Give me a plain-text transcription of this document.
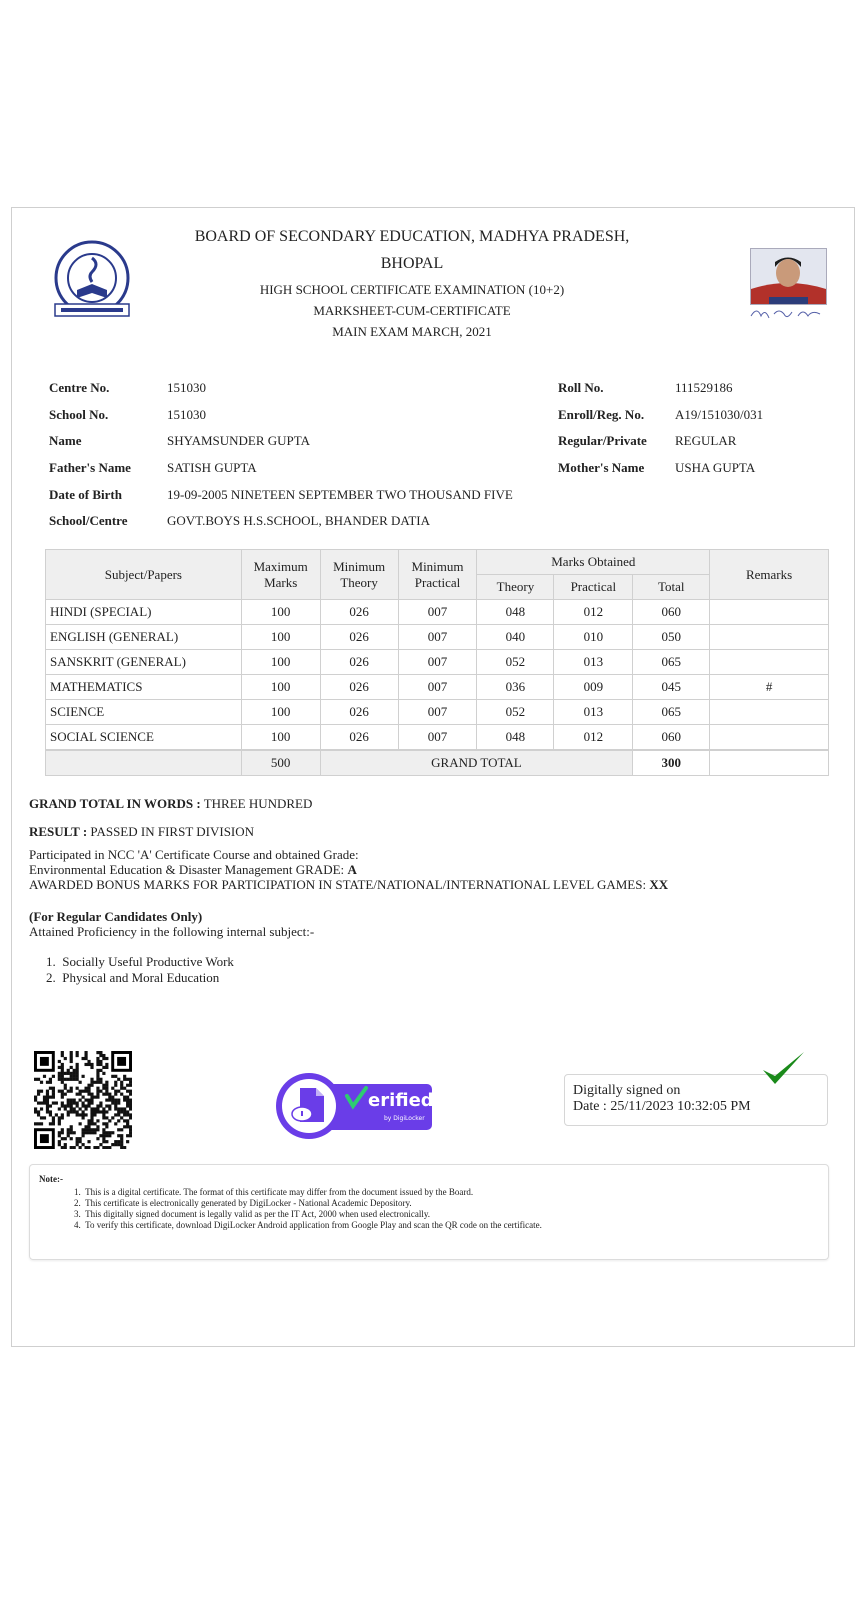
BOARD OF SECONDARY EDUCATION, MADHYA PRADESH,
BHOPAL
HIGH SCHOOL CERTIFICATE EXAMINATION (10+2)
MARKSHEET-CUM-CERTIFICATE
MAIN EXAM MARCH, 2021
Centre No.	151030
School No.	151030
Name	SHYAMSUNDER GUPTA
Father's Name	SATISH GUPTA
Date of Birth	19-09-2005 NINETEEN SEPTEMBER TWO THOUSAND FIVE
School/Centre	GOVT.BOYS H.S.SCHOOL, BHANDER DATIA
Roll No.	111529186
Enroll/Reg. No. A19/151030/031
Regular/Private REGULAR
Mother's Name USHA GUPTA
Subject/Papers	Maximum Marks	Minimum Theory	Minimum Practical	Marks Obtained			Remarks
				Theory	Practical	Total	
HINDI (SPECIAL)	100	026	007	048	012	060	
ENGLISH (GENERAL)	100	026	007	040	010	050	
SANSKRIT (GENERAL)	100	026	007	052	013	065	
MATHEMATICS	100	026	007	036	009	045	#
SCIENCE	100	026	007	052	013	065	
SOCIAL SCIENCE	100	026	007	048	012	060	
	500	GRAND TOTAL				300	
GRAND TOTAL IN WORDS : THREE HUNDRED
RESULT : PASSED IN FIRST DIVISION
Participated in NCC 'A' Certificate Course and obtained Grade:
Environmental Education & Disaster Management GRADE: A
AWARDED BONUS MARKS FOR PARTICIPATION IN STATE/NATIONAL/INTERNATIONAL LEVEL GAMES: XX
(For Regular Candidates Only)
Attained Proficiency in the following internal subject:-
1.  Socially Useful Productive Work
2.  Physical and Moral Education
erified
by DigiLocker
Digitally signed on
Date : 25/11/2023 10:32:05 PM
Note:-
1.  This is a digital certificate. The format of this certificate may differ from the document issued by the Board.
2.  This certificate is electronically generated by DigiLocker - National Academic Depository.
3.  This digitally signed document is legally valid as per the IT Act, 2000 when used electronically.
4.  To verify this certificate, download DigiLocker Android application from Google Play and scan the QR code on the certificate.
